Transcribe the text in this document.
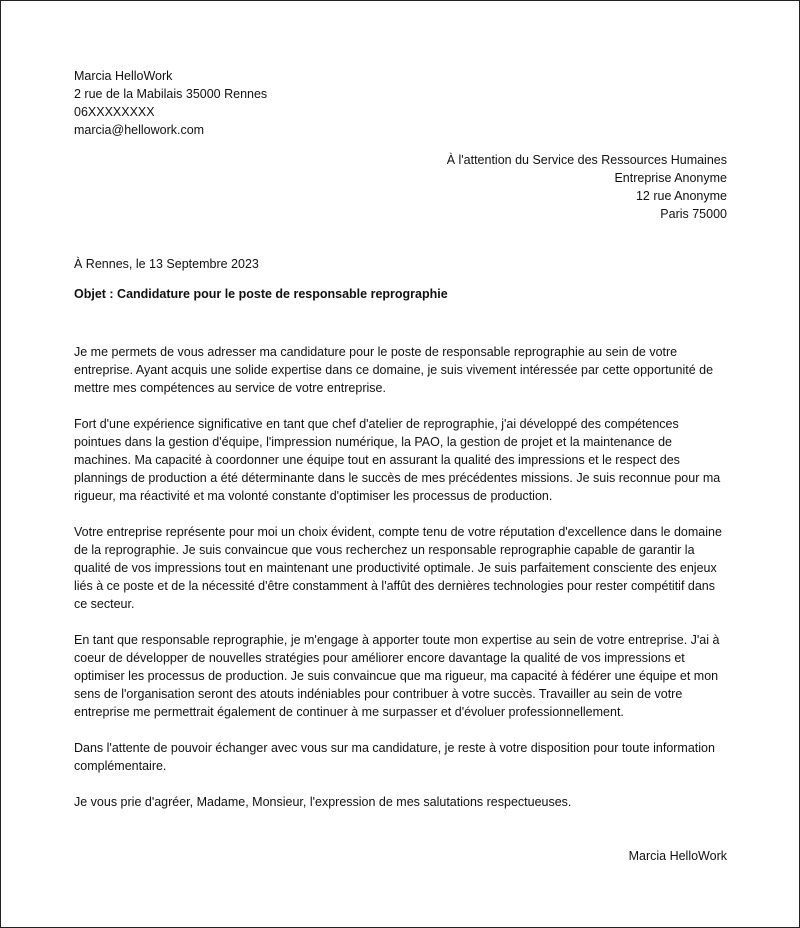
Marcia HelloWork
2 rue de la Mabilais 35000 Rennes
06XXXXXXXX
marcia@hellowork.com
À l'attention du Service des Ressources Humaines
Entreprise Anonyme
12 rue Anonyme
Paris 75000
À Rennes, le 13 Septembre 2023
Objet : Candidature pour le poste de responsable reprographie

Je me permets de vous adresser ma candidature pour le poste de responsable reprographie au sein de votre entreprise. Ayant acquis une solide expertise dans ce domaine, je suis vivement intéressée par cette opportunité de mettre mes compétences au service de votre entreprise.

Fort d'une expérience significative en tant que chef d'atelier de reprographie, j'ai développé des compétences pointues dans la gestion d'équipe, l'impression numérique, la PAO, la gestion de projet et la maintenance de machines. Ma capacité à coordonner une équipe tout en assurant la qualité des impressions et le respect des plannings de production a été déterminante dans le succès de mes précédentes missions. Je suis reconnue pour ma rigueur, ma réactivité et ma volonté constante d'optimiser les processus de production.

Votre entreprise représente pour moi un choix évident, compte tenu de votre réputation d'excellence dans le domaine de la reprographie. Je suis convaincue que vous recherchez un responsable reprographie capable de garantir la qualité de vos impressions tout en maintenant une productivité optimale. Je suis parfaitement consciente des enjeux liés à ce poste et de la nécessité d'être constamment à l'affût des dernières technologies pour rester compétitif dans ce secteur.

En tant que responsable reprographie, je m'engage à apporter toute mon expertise au sein de votre entreprise. J'ai à coeur de développer de nouvelles stratégies pour améliorer encore davantage la qualité de vos impressions et optimiser les processus de production. Je suis convaincue que ma rigueur, ma capacité à fédérer une équipe et mon sens de l'organisation seront des atouts indéniables pour contribuer à votre succès. Travailler au sein de votre entreprise me permettrait également de continuer à me surpasser et d'évoluer professionnellement.

Dans l'attente de pouvoir échanger avec vous sur ma candidature, je reste à votre disposition pour toute information complémentaire.

Je vous prie d'agréer, Madame, Monsieur, l'expression de mes salutations respectueuses.

Marcia HelloWork
